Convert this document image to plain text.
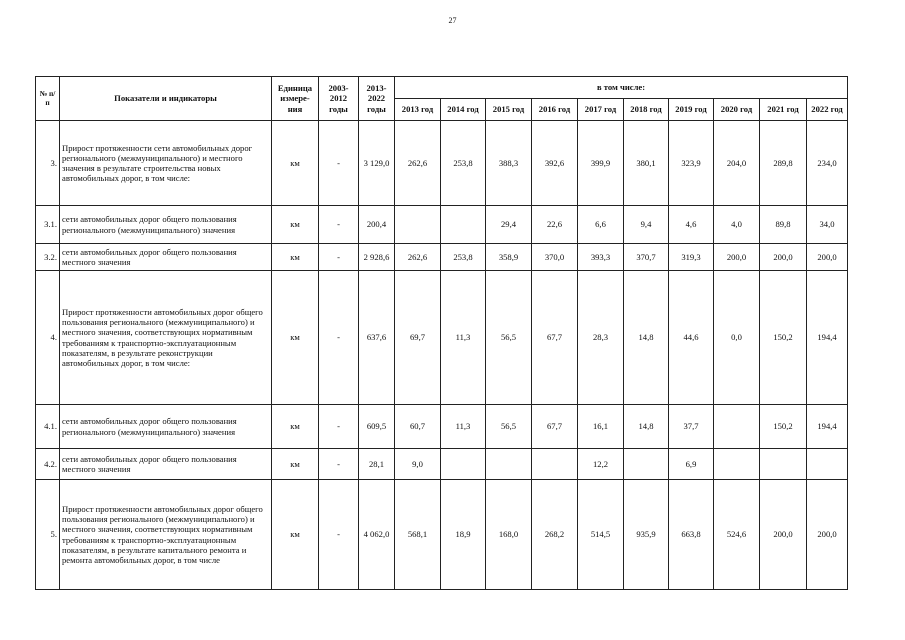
27
№ п/п	Показатели и индикаторы	Единица измере-ния	2003-2012 годы	2013-2022 годы	в том числе:									
					2013 год	2014 год	2015 год	2016 год	2017 год	2018 год	2019 год	2020 год	2021 год	2022 год
3.	Прирост протяженности сети автомобильных дорог регионального (межмуниципального) и местного значения в результате строительства новых автомобильных дорог, в том числе:	км	-	3 129,0	262,6	253,8	388,3	392,6	399,9	380,1	323,9	204,0	289,8	234,0
3.1.	сети автомобильных дорог общего пользования регионального (межмуниципального) значения	км	-	200,4			29,4	22,6	6,6	9,4	4,6	4,0	89,8	34,0
3.2.	сети автомобильных дорог общего пользования местного значения	км	-	2 928,6	262,6	253,8	358,9	370,0	393,3	370,7	319,3	200,0	200,0	200,0
4.	Прирост протяженности автомобильных дорог общего пользования регионального (межмуниципального) и местного значения, соответствующих нормативным требованиям к транспортно-эксплуатационным показателям, в результате реконструкции автомобильных дорог, в том числе:	км	-	637,6	69,7	11,3	56,5	67,7	28,3	14,8	44,6	0,0	150,2	194,4
4.1.	сети автомобильных дорог общего пользования регионального (межмуниципального) значения	км	-	609,5	60,7	11,3	56,5	67,7	16,1	14,8	37,7		150,2	194,4
4.2.	сети автомобильных дорог общего пользования местного значения	км	-	28,1	9,0				12,2		6,9			
5.	Прирост протяженности автомобильных дорог общего пользования регионального (межмуниципального) и местного значения, соответствующих нормативным требованиям к транспортно-эксплуатационным показателям, в результате капитального ремонта и ремонта автомобильных дорог, в том числе	км	-	4 062,0	568,1	18,9	168,0	268,2	514,5	935,9	663,8	524,6	200,0	200,0
